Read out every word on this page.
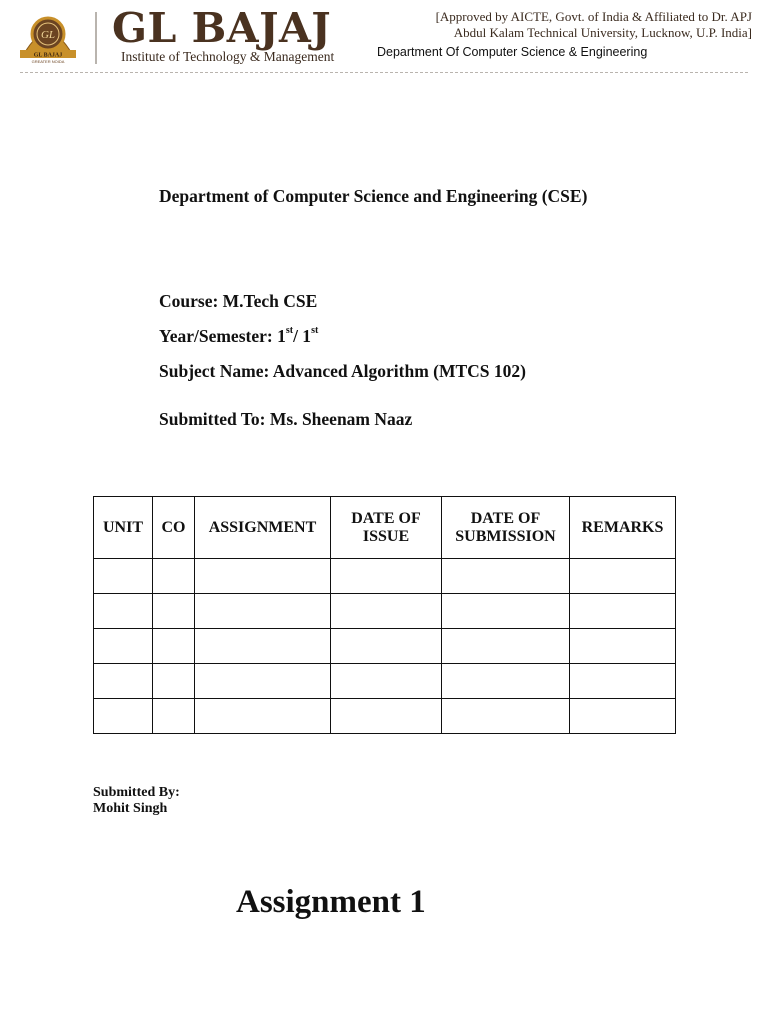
GL
GL BAJAJ
GREATER NOIDA
GL BAJAJ
Institute of Technology & Management
[Approved by AICTE, Govt. of India & Affiliated to Dr. APJ
Abdul Kalam Technical University, Lucknow, U.P. India]
Department Of Computer Science & Engineering
Department of Computer Science and Engineering (CSE)
Course: M.Tech CSE
Year/Semester: 1st/ 1st
Subject Name: Advanced Algorithm (MTCS 102)
Submitted To: Ms. Sheenam Naaz
UNIT	CO	ASSIGNMENT	DATE OF ISSUE	DATE OF SUBMISSION	REMARKS

Submitted By:
Mohit Singh
Assignment 1
